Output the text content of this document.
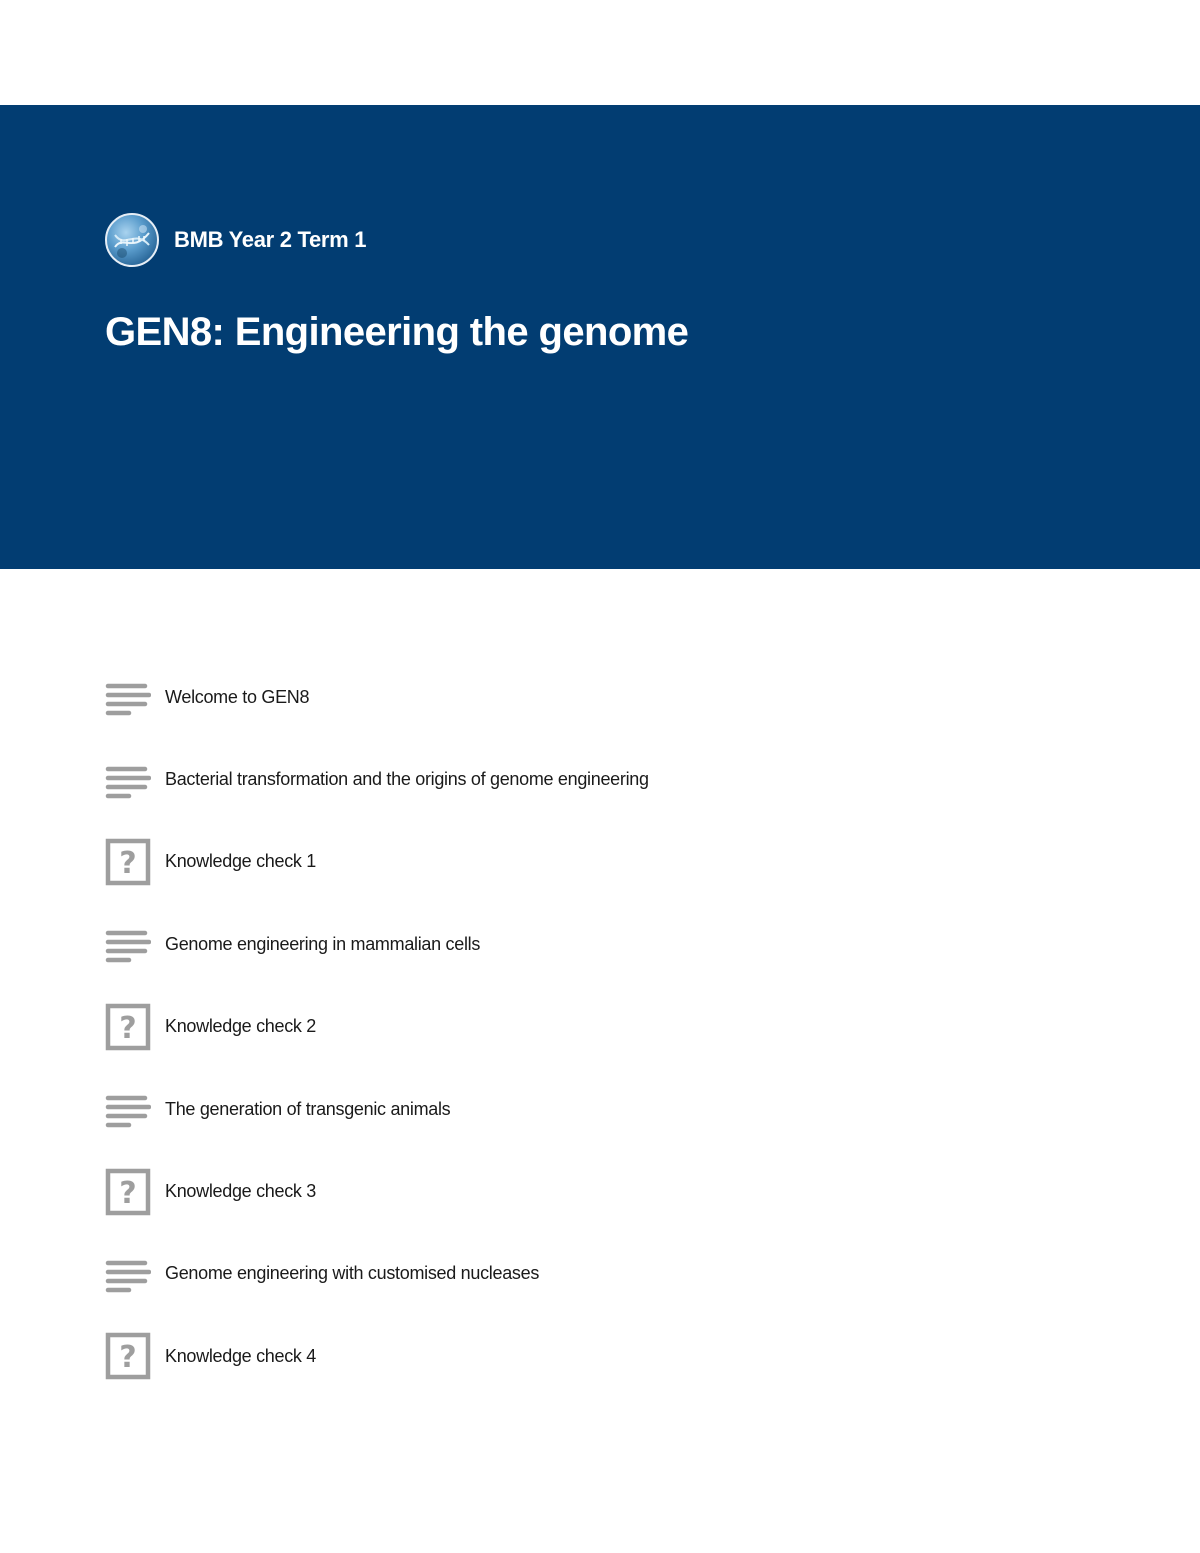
BMB Year 2 Term 1
GEN8: Engineering the genome
Welcome to GEN8
Bacterial transformation and the origins of genome engineering
? Knowledge check 1
Genome engineering in mammalian cells
? Knowledge check 2
The generation of transgenic animals
? Knowledge check 3
Genome engineering with customised nucleases
? Knowledge check 4
